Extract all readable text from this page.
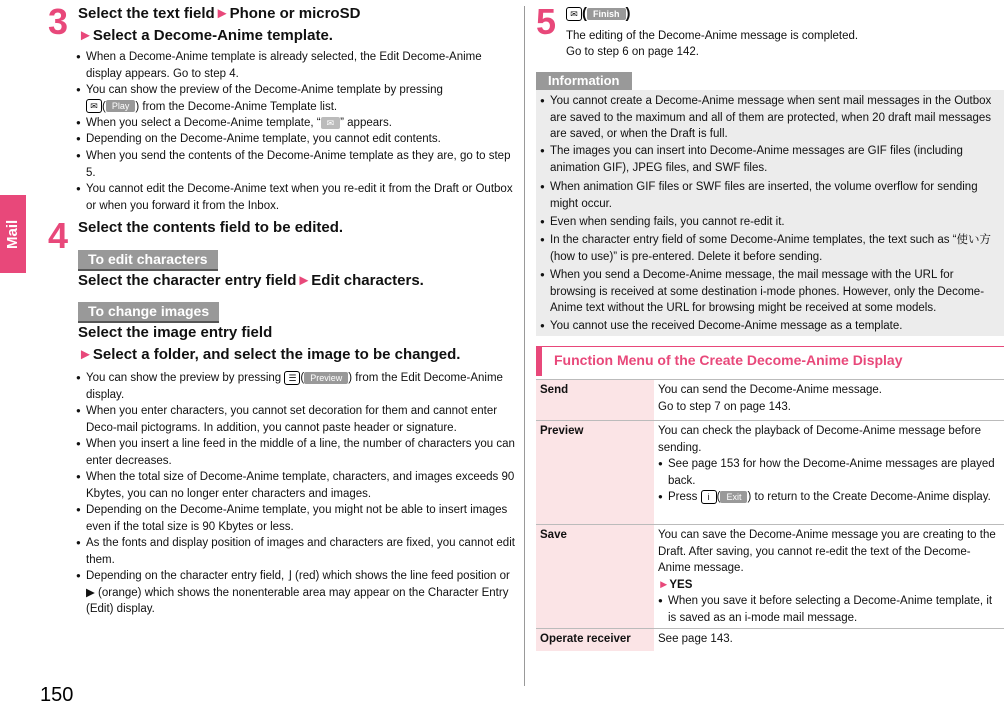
Mail
150
3 Select the text field►Phone or microSD
►Select a Decome-Anime template.
● When a Decome-Anime template is already selected, the Edit Decome-Anime display appears. Go to step 4.
● You can show the preview of the Decome-Anime template by pressing
✉ ( Play ) from the Decome-Anime Template list.
● When you select a Decome-Anime template, “ ✉ ” appears.
● Depending on the Decome-Anime template, you cannot edit contents.
● When you send the contents of the Decome-Anime template as they are, go to step 5.
● You cannot edit the Decome-Anime text when you re-edit it from the Draft or Outbox or when you forward it from the Inbox.
4 Select the contents field to be edited.
To edit characters
Select the character entry field►Edit characters.
To change images
Select the image entry field
►Select a folder, and select the image to be changed.
● You can show the preview by pressing ☰ ( Preview ) from the Edit Decome-Anime display.
● When you enter characters, you cannot set decoration for them and cannot enter Deco-mail pictograms. In addition, you cannot paste header or signature.
● When you insert a line feed in the middle of a line, the number of characters you can enter decreases.
● When the total size of Decome-Anime template, characters, and images exceeds 90 Kbytes, you can no longer enter characters and images.
● Depending on the Decome-Anime template, you might not be able to insert images even if the total size is 90 Kbytes or less.
● As the fonts and display position of images and characters are fixed, you cannot edit them.
● Depending on the character entry field, ⌋ (red) which shows the line feed position or ▶ (orange) which shows the nonenterable area may appear on the Character Entry (Edit) display.
5	✉ ( Finish )
The editing of the Decome-Anime message is completed.
Go to step 6 on page 142.
Information
● You cannot create a Decome-Anime message when sent mail messages in the Outbox are saved to the maximum and all of them are protected, when 20 draft mail messages are saved, or when the Draft is full.
● The images you can insert into Decome-Anime messages are GIF files (including animation GIF), JPEG files, and SWF files.
● When animation GIF files or SWF files are inserted, the volume overflow for sending might occur.
● Even when sending fails, you cannot re-edit it.
● In the character entry field of some Decome-Anime templates, the text such as “使い方 (how to use)” is pre-entered. Delete it before sending.
● When you send a Decome-Anime message, the mail message with the URL for browsing is received at some destination i-mode phones. However, only the Decome-Anime text without the URL for browsing might be received at some models.
● You cannot use the received Decome-Anime message as a template.
Function Menu of the Create Decome-Anime Display
Send	You can send the Decome-Anime message.
Go to step 7 on page 143.

Preview	You can check the playback of Decome-Anime message before sending.
● See page 153 for how the Decome-Anime messages are played back.
● Press i ( Exit ) to return to the Create Decome-Anime display.

Save	You can save the Decome-Anime message you are creating to the Draft. After saving, you cannot re-edit the text of the Decome-Anime message.
►YES
● When you save it before selecting a Decome-Anime template, it is saved as an i-mode mail message.

Operate receiver	See page 143.
